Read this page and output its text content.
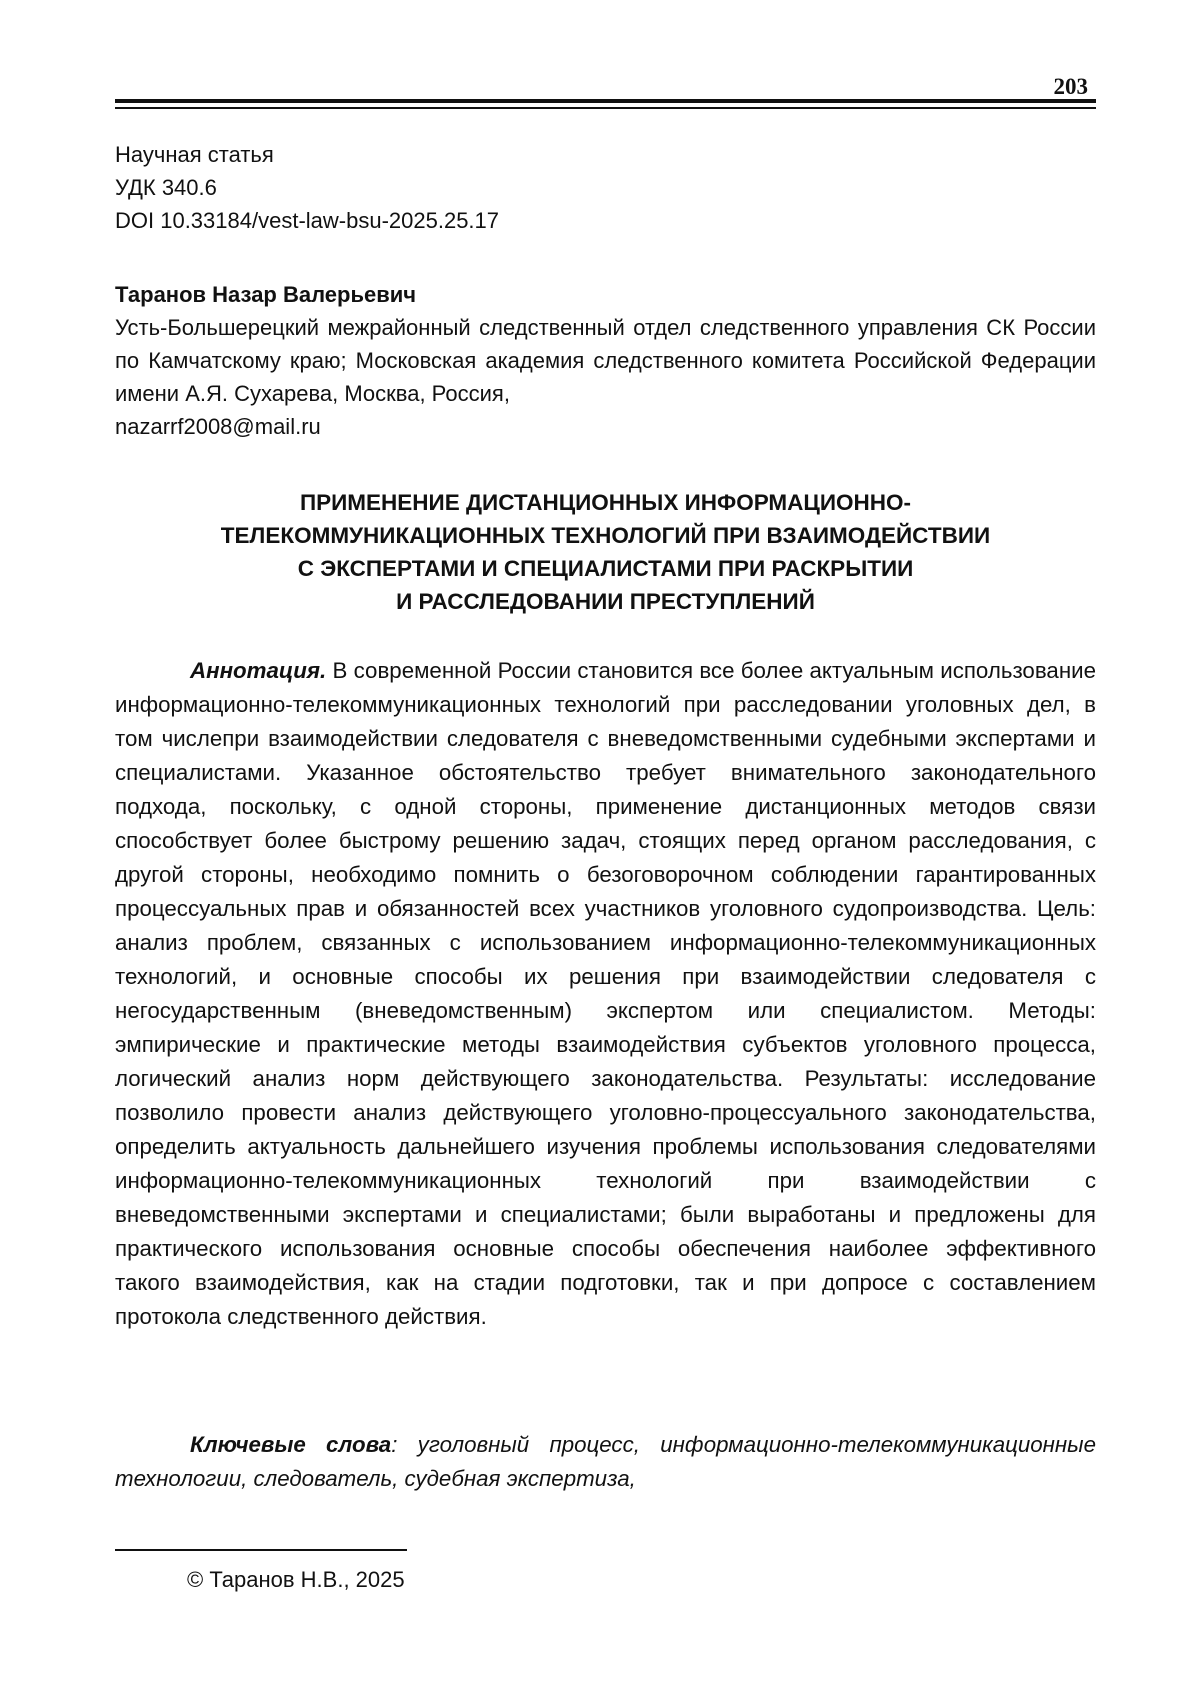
203
Научная статья
УДК 340.6
DOI 10.33184/vest-law-bsu-2025.25.17
Таранов Назар Валерьевич
Усть-Большерецкий межрайонный следственный отдел следственного управления СК России по Камчатскому краю; Московская академия следственного комитета Российской Федерации имени А.Я. Сухарева, Москва, Россия,
nazarrf2008@mail.ru
ПРИМЕНЕНИЕ ДИСТАНЦИОННЫХ ИНФОРМАЦИОННО-
ТЕЛЕКОММУНИКАЦИОННЫХ ТЕХНОЛОГИЙ ПРИ ВЗАИМОДЕЙСТВИИ
С ЭКСПЕРТАМИ И СПЕЦИАЛИСТАМИ ПРИ РАСКРЫТИИ
И РАССЛЕДОВАНИИ ПРЕСТУПЛЕНИЙ

Аннотация. В современной России становится все более актуальным использование информационно-телекоммуникационных технологий при расследовании уголовных дел, в том числепри взаимодействии следователя с вневедомственными судебными экспертами и специалистами. Указанное обстоятельство требует внимательного законодательного подхода, поскольку, с одной стороны, применение дистанционных методов связи способствует более быстрому решению задач, стоящих перед органом расследования, с другой стороны, необходимо помнить о безоговорочном соблюдении гарантированных процессуальных прав и обязанностей всех участников уголовного судопроизводства. Цель: анализ проблем, связанных с использованием информационно-телекоммуникационных технологий, и основные способы их решения при взаимодействии следователя с негосударственным (вневедомственным) экспертом или специалистом. Методы: эмпирические и практические методы взаимодействия субъектов уголовного процесса, логический анализ норм действующего законодательства. Результаты: исследование позволило провести анализ действующего уголовно-процессуального законодательства, определить актуальность дальнейшего изучения проблемы использования следователями информационно-телекоммуникационных технологий при взаимодействии с вневедомственными экспертами и специалистами; были выработаны и предложены для практического использования основные способы обеспечения наиболее эффективного такого взаимодействия, как на стадии подготовки, так и при допросе с составлением протокола следственного действия.

Ключевые слова: уголовный процесс, информационно-телекоммуникационные технологии, следователь, судебная экспертиза,

© Таранов Н.В., 2025
